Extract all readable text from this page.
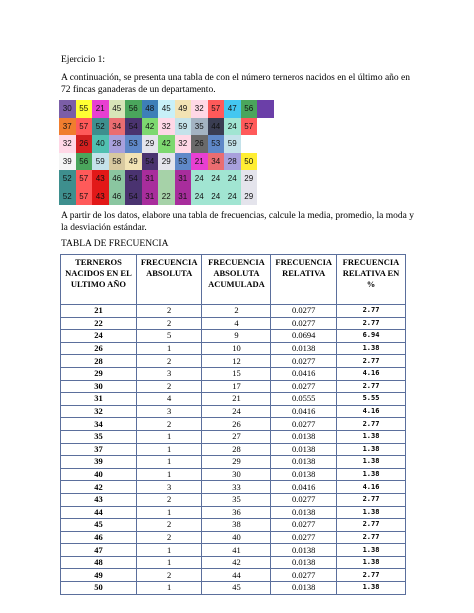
Ejercicio 1:

A continuación, se presenta una tabla de con el número terneros nacidos en el último año en 72 fincas ganaderas de un departamento.

30 55 21 45 56 48 45 49 32 57 47 56
37 57 52 34 54 42 32 59 35 44 24 57
32 26 40 28 53 29 42 32 26 53 59
39 56 59 58 49 54 29 53 21 34 28 50
52 57 43 46 54 31	31 24 24 24 29
52 57 43 46 54 31 22 31 24 24 24 29

A partir de los datos, elabore una tabla de frecuencias, calcule la media, promedio, la moda y la desviación estándar.

TABLA DE FRECUENCIA

TERNEROS NACIDOS EN EL ULTIMO AÑO	FRECUENCIA ABSOLUTA	FRECUENCIA ABSOLUTA ACUMULADA	FRECUENCIA RELATIVA	FRECUENCIA RELATIVA EN %
21	2	2	0.0277	2.77
22	2	4	0.0277	2.77
24	5	9	0.0694	6.94
26	1	10	0.0138	1.38
28	2	12	0.0277	2.77
29	3	15	0.0416	4.16
30	2	17	0.0277	2.77
31	4	21	0.0555	5.55
32	3	24	0.0416	4.16
34	2	26	0.0277	2.77
35	1	27	0.0138	1.38
37	1	28	0.0138	1.38
39	1	29	0.0138	1.38
40	1	30	0.0138	1.38
42	3	33	0.0416	4.16
43	2	35	0.0277	2.77
44	1	36	0.0138	1.38
45	2	38	0.0277	2.77
46	2	40	0.0277	2.77
47	1	41	0.0138	1.38
48	1	42	0.0138	1.38
49	2	44	0.0277	2.77
50	1	45	0.0138	1.38
